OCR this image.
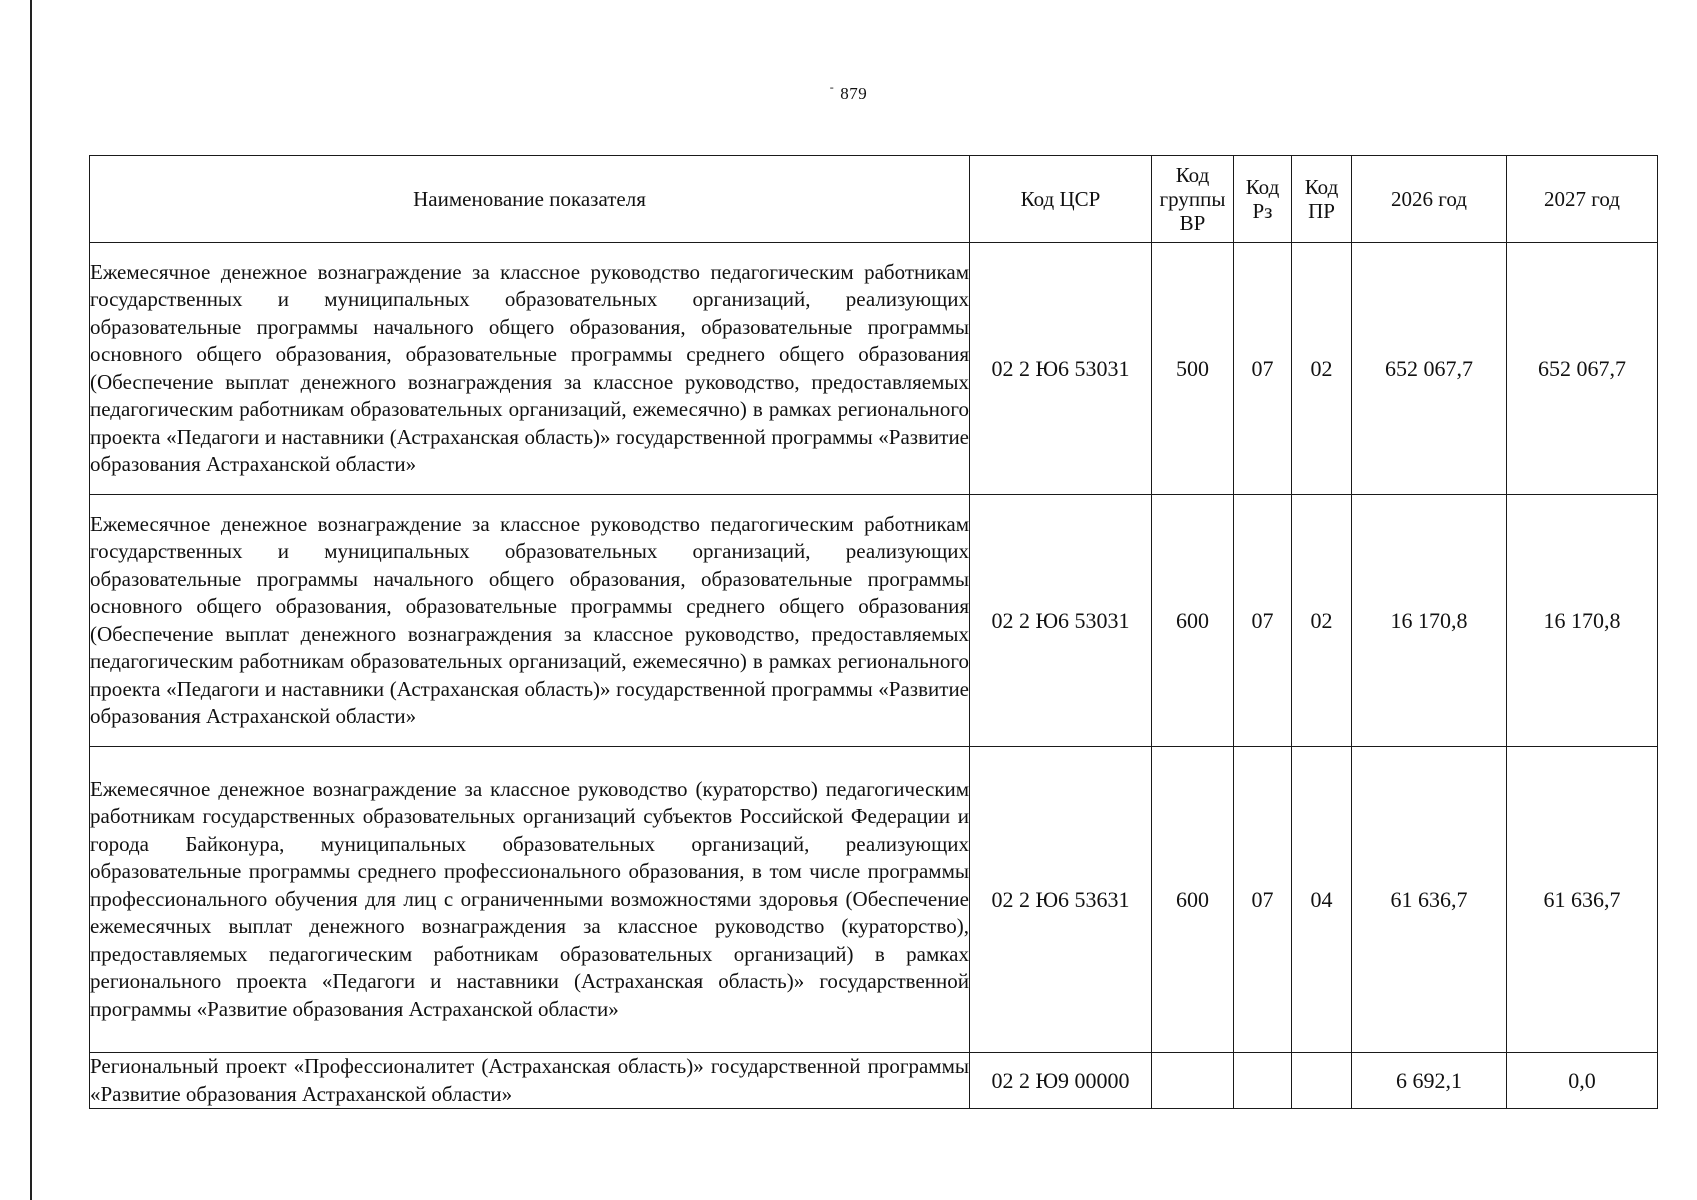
- 879
Наименование показателя	Код ЦСР	Код группы ВР	Код Рз	Код ПР	2026 год	2027 год
Ежемесячное денежное вознаграждение за классное руководство педагогическим работникам государственных и муниципальных образовательных организаций, реализующих образовательные программы начального общего образования, образовательные программы основного общего образования, образовательные программы среднего общего образования (Обеспечение выплат денежного вознаграждения за классное руководство, предоставляемых педагогическим работникам образовательных организаций, ежемесячно) в рамках регионального проекта «Педагоги и наставники (Астраханская область)» государственной программы «Развитие образования Астраханской области»	02 2 Ю6 53031	500	07	02	652 067,7	652 067,7
Ежемесячное денежное вознаграждение за классное руководство педагогическим работникам государственных и муниципальных образовательных организаций, реализующих образовательные программы начального общего образования, образовательные программы основного общего образования, образовательные программы среднего общего образования (Обеспечение выплат денежного вознаграждения за классное руководство, предоставляемых педагогическим работникам образовательных организаций, ежемесячно) в рамках регионального проекта «Педагоги и наставники (Астраханская область)» государственной программы «Развитие образования Астраханской области»	02 2 Ю6 53031	600	07	02	16 170,8	16 170,8
Ежемесячное денежное вознаграждение за классное руководство (кураторство) педагогическим работникам государственных образовательных организаций субъектов Российской Федерации и города Байконура, муниципальных образовательных организаций, реализующих образовательные программы среднего профессионального образования, в том числе программы профессионального обучения для лиц с ограниченными возможностями здоровья (Обеспечение ежемесячных выплат денежного вознаграждения за классное руководство (кураторство), предоставляемых педагогическим работникам образовательных организаций) в рамках регионального проекта «Педагоги и наставники (Астраханская область)» государственной программы «Развитие образования Астраханской области»	02 2 Ю6 53631	600	07	04	61 636,7	61 636,7
Региональный проект «Профессионалитет (Астраханская область)» государственной программы «Развитие образования Астраханской области»	02 2 Ю9 00000				6 692,1	0,0
